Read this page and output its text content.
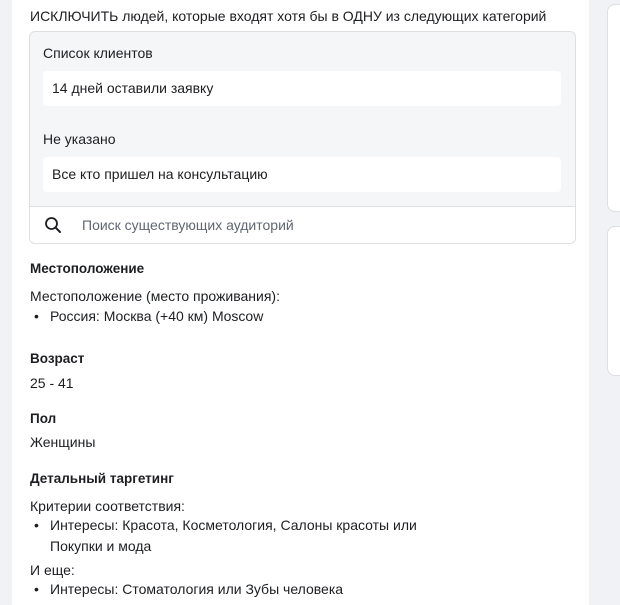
ИСКЛЮЧИТЬ людей, которые входят хотя бы в ОДНУ из следующих категорий
Список клиентов
14 дней оставили заявку
Не указано
Все кто пришел на консультацию
Поиск существующих аудиторий
Местоположение
Местоположение (место проживания):
• Россия: Москва (+40 км) Moscow
Возраст
25 - 41
Пол
Женщины
Детальный таргетинг
Критерии соответствия:
• Интересы: Красота, Косметология, Салоны красоты или
Покупки и мода
И еще:
• Интересы: Стоматология или Зубы человека
